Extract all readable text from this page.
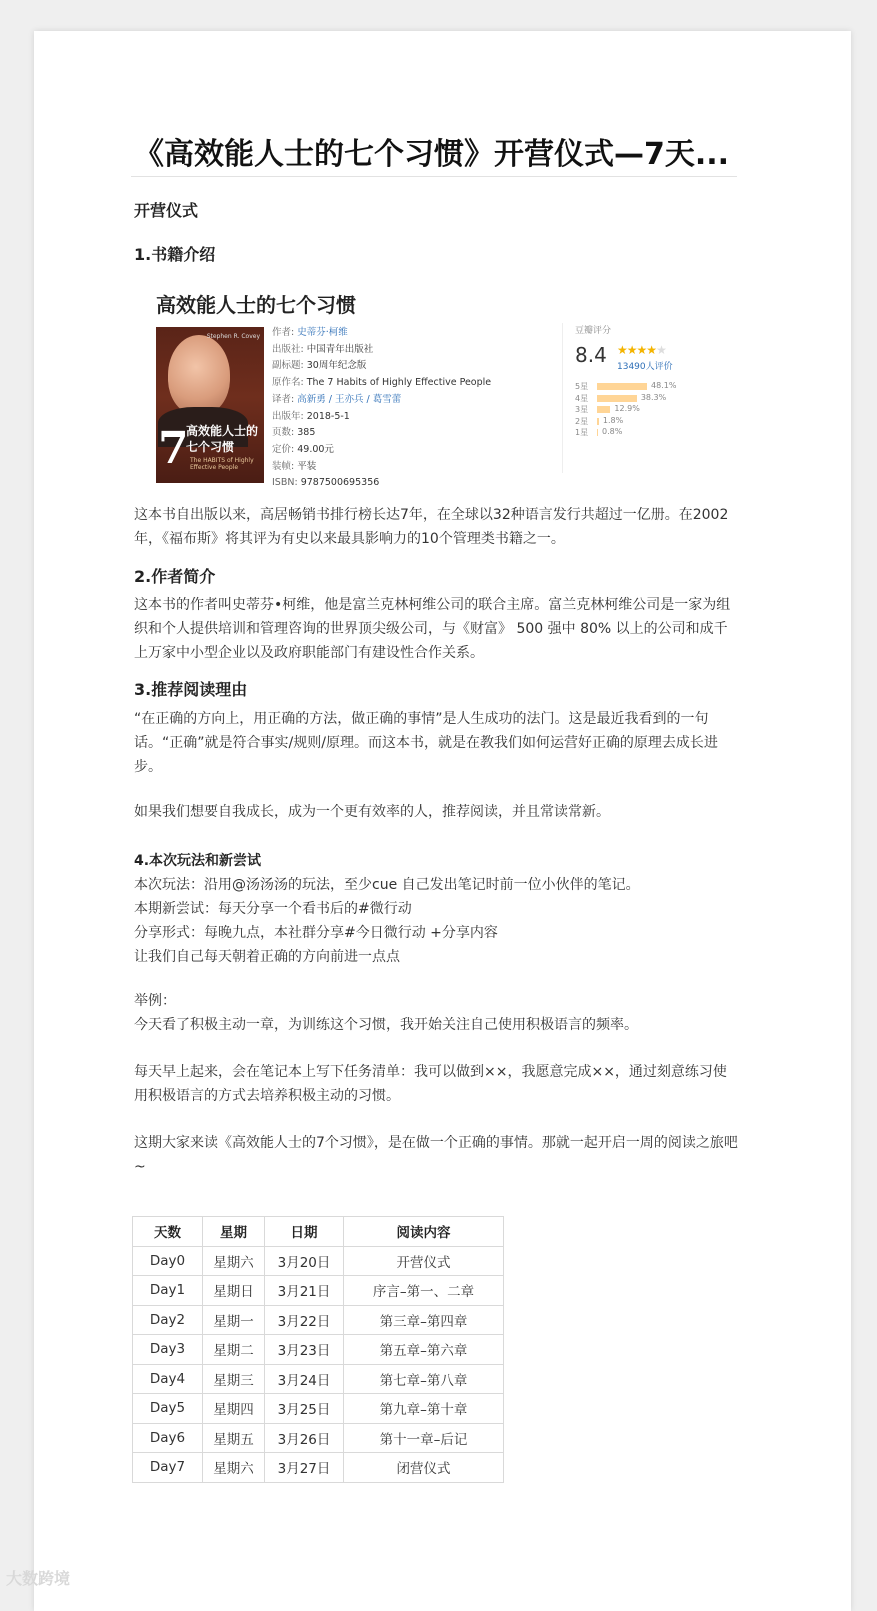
《高效能人士的七个习惯》开营仪式—7天...
开营仪式
1.书籍介绍
高效能人士的七个习惯
Stephen R. Covey
7
高效能人士的
七个习惯
The HABITS of Highly Effective People
作者: 史蒂芬·柯维
出版社: 中国青年出版社
副标题: 30周年纪念版
原作名: The 7 Habits of Highly Effective People
译者: 高新勇 / 王亦兵 / 葛雪蕾
出版年: 2018-5-1
页数: 385
定价: 49.00元
装帧: 平装
ISBN: 9787500695356
豆瓣评分
8.4 ★★★★★
13490人评价
5星	48.1%
4星	38.3%
3星	12.9%
2星 1.8%
1星 0.8%
这本书自出版以来，高居畅销书排行榜长达7年，在全球以32种语言发行共超过一亿册。在2002年，《福布斯》将其评为有史以来最具影响力的10个管理类书籍之一。
2.作者简介
这本书的作者叫史蒂芬•柯维，他是富兰克林柯维公司的联合主席。富兰克林柯维公司是一家为组织和个人提供培训和管理咨询的世界顶尖级公司，与《财富》 500 强中 80% 以上的公司和成千上万家中小型企业以及政府职能部门有建设性合作关系。
3.推荐阅读理由
“在正确的方向上，用正确的方法，做正确的事情”是人生成功的法门。这是最近我看到的一句话。“正确”就是符合事实/规则/原理。而这本书，就是在教我们如何运营好正确的原理去成长进步。
如果我们想要自我成长，成为一个更有效率的人，推荐阅读，并且常读常新。
4.本次玩法和新尝试
本次玩法：沿用@汤汤汤的玩法，至少cue 自己发出笔记时前一位小伙伴的笔记。
本期新尝试：每天分享一个看书后的#微行动
分享形式：每晚九点，本社群分享#今日微行动 +分享内容
让我们自己每天朝着正确的方向前进一点点
举例：
今天看了积极主动一章，为训练这个习惯，我开始关注自己使用积极语言的频率。
每天早上起来，会在笔记本上写下任务清单：我可以做到××，我愿意完成××，通过刻意练习使用积极语言的方式去培养积极主动的习惯。
这期大家来读《高效能人士的7个习惯》，是在做一个正确的事情。那就一起开启一周的阅读之旅吧~
天数	星期	日期	阅读内容
Day0	星期六	3月20日	开营仪式
Day1	星期日	3月21日	序言–第一、二章
Day2	星期一	3月22日	第三章–第四章
Day3	星期二	3月23日	第五章–第六章
Day4	星期三	3月24日	第七章–第八章
Day5	星期四	3月25日	第九章–第十章
Day6	星期五	3月26日	第十一章–后记
Day7	星期六	3月27日	闭营仪式
大数跨境
